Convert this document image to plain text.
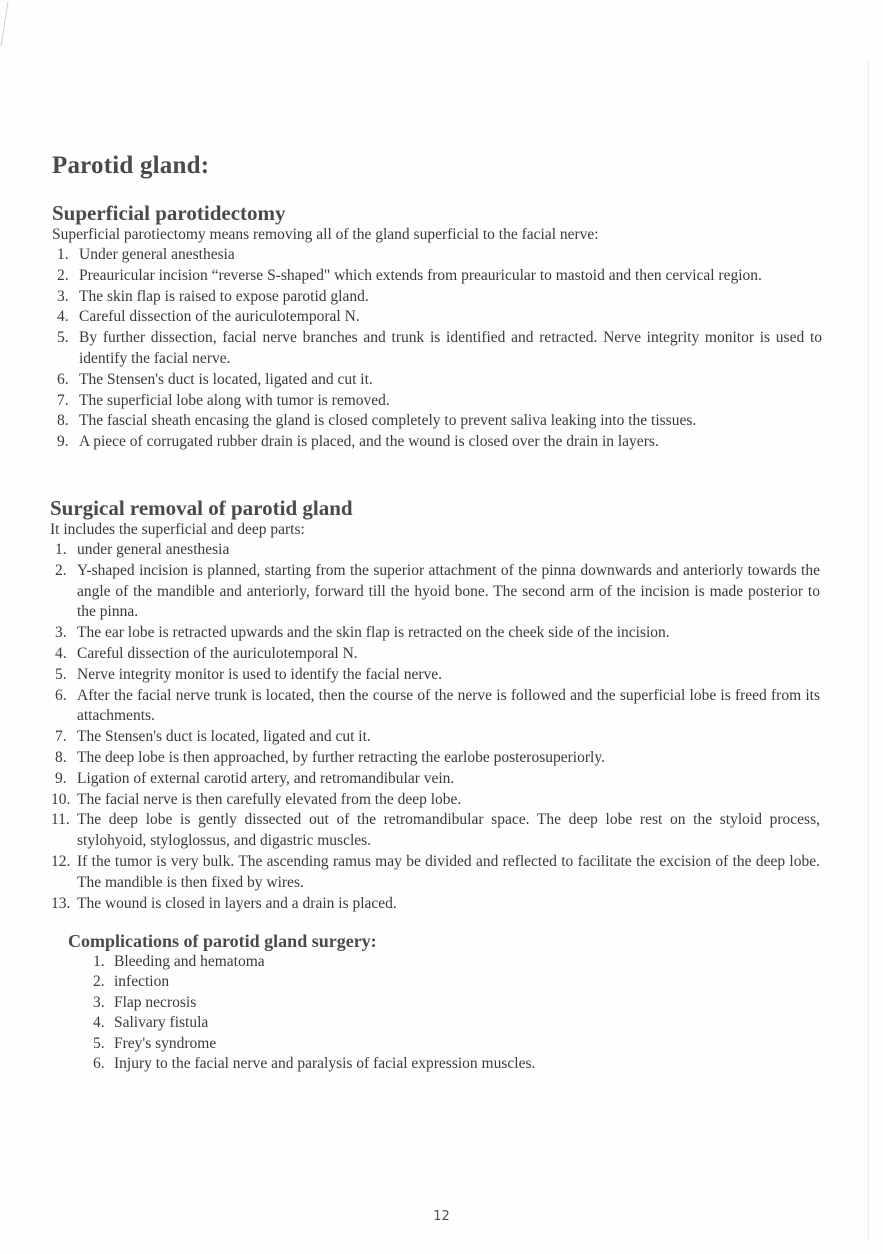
Parotid gland:
Superficial parotidectomy

Superficial parotiectomy means removing all of the gland superficial to the facial nerve:

1. Under general anesthesia
2. Preauricular incision “reverse S-shaped" which extends from preauricular to mastoid and then cervical region.
3. The skin flap is raised to expose parotid gland.
4. Careful dissection of the auriculotemporal N.
5. By further dissection, facial nerve branches and trunk is identified and retracted. Nerve integrity monitor is used to identify the facial nerve.
6. The Stensen's duct is located, ligated and cut it.
7. The superficial lobe along with tumor is removed.
8. The fascial sheath encasing the gland is closed completely to prevent saliva leaking into the tissues.
9. A piece of corrugated rubber drain is placed, and the wound is closed over the drain in layers.
Surgical removal of parotid gland

It includes the superficial and deep parts:

1. under general anesthesia
2. Y-shaped incision is planned, starting from the superior attachment of the pinna downwards and anteriorly towards the angle of the mandible and anteriorly, forward till the hyoid bone. The second arm of the incision is made posterior to the pinna.
3. The ear lobe is retracted upwards and the skin flap is retracted on the cheek side of the incision.
4. Careful dissection of the auriculotemporal N.
5. Nerve integrity monitor is used to identify the facial nerve.
6. After the facial nerve trunk is located, then the course of the nerve is followed and the superficial lobe is freed from its attachments.
7. The Stensen's duct is located, ligated and cut it.
8. The deep lobe is then approached, by further retracting the earlobe posterosuperiorly.
9. Ligation of external carotid artery, and retromandibular vein.
10. The facial nerve is then carefully elevated from the deep lobe.
11. The deep lobe is gently dissected out of the retromandibular space. The deep lobe rest on the styloid process, stylohyoid, styloglossus, and digastric muscles.
12. If the tumor is very bulk. The ascending ramus may be divided and reflected to facilitate the excision of the deep lobe. The mandible is then fixed by wires.
13. The wound is closed in layers and a drain is placed.
Complications of parotid gland surgery:
1. Bleeding and hematoma
2. infection
3. Flap necrosis
4. Salivary fistula
5. Frey's syndrome
6. Injury to the facial nerve and paralysis of facial expression muscles.
12
